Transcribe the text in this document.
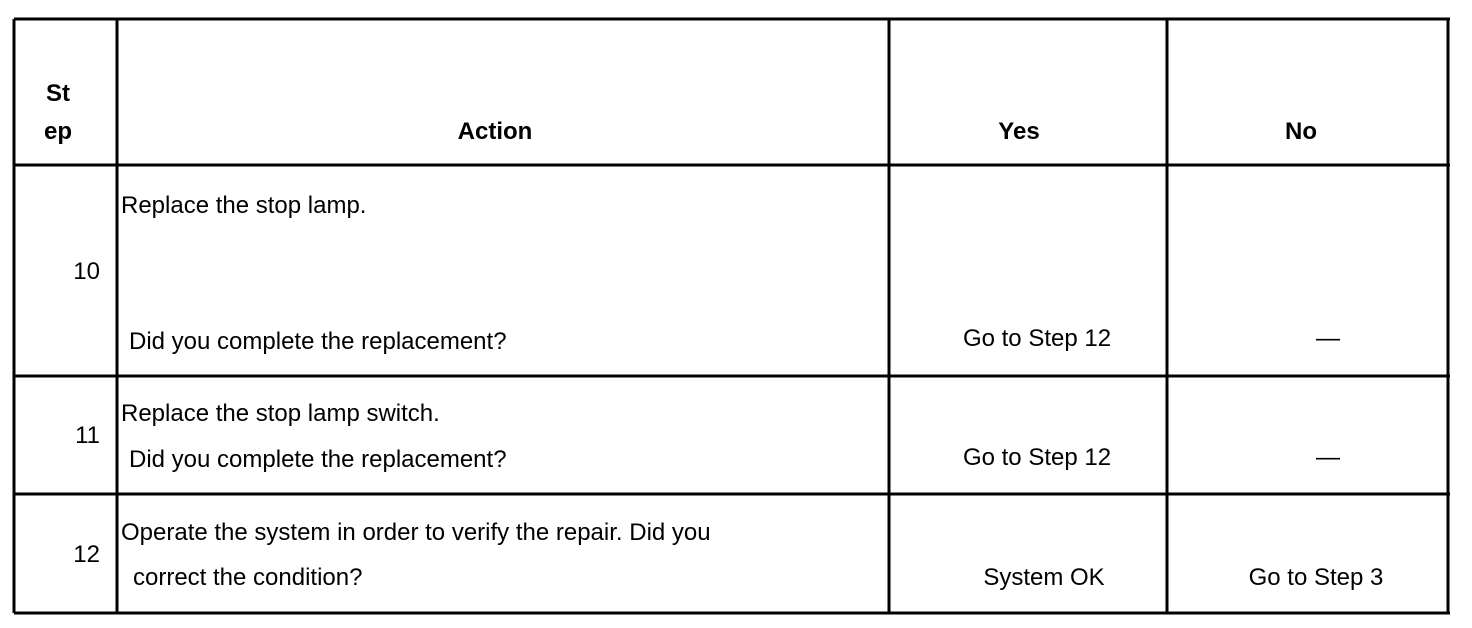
St
ep	Action	Yes	No
10
Replace the stop lamp.
Did you complete the replacement?	Go to Step 12	—
11
Replace the stop lamp switch.
Did you complete the replacement?	Go to Step 12	—
12
Operate the system in order to verify the repair. Did you
correct the condition?	System OK	Go to Step 3
